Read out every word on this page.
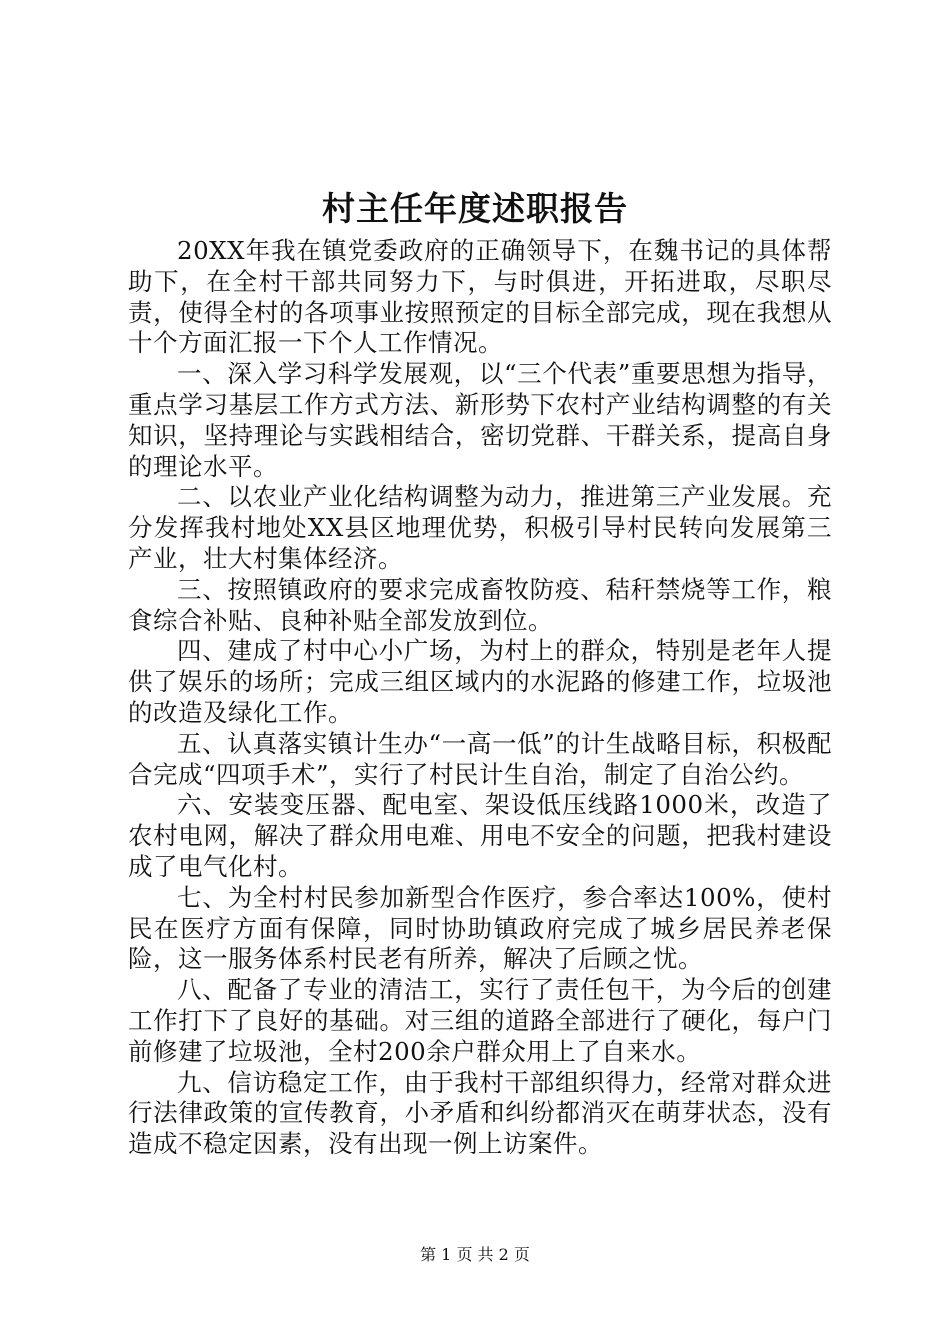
村主任年度述职报告

20XX年我在镇党委政府的正确领导下，在魏书记的具体帮助下，在全村干部共同努力下，与时俱进，开拓进取，尽职尽责，使得全村的各项事业按照预定的目标全部完成，现在我想从十个方面汇报一下个人工作情况。

一、深入学习科学发展观，以“三个代表”重要思想为指导，重点学习基层工作方式方法、新形势下农村产业结构调整的有关知识，坚持理论与实践相结合，密切党群、干群关系，提高自身的理论水平。

二、以农业产业化结构调整为动力，推进第三产业发展。充分发挥我村地处XX县区地理优势，积极引导村民转向发展第三产业，壮大村集体经济。

三、按照镇政府的要求完成畜牧防疫、秸秆禁烧等工作，粮食综合补贴、良种补贴全部发放到位。

四、建成了村中心小广场，为村上的群众，特别是老年人提供了娱乐的场所；完成三组区域内的水泥路的修建工作，垃圾池的改造及绿化工作。

五、认真落实镇计生办“一高一低”的计生战略目标，积极配合完成“四项手术”，实行了村民计生自治，制定了自治公约。

六、安装变压器、配电室、架设低压线路1000米，改造了农村电网，解决了群众用电难、用电不安全的问题，把我村建设成了电气化村。

七、为全村村民参加新型合作医疗，参合率达100%，使村民在医疗方面有保障，同时协助镇政府完成了城乡居民养老保险，这一服务体系村民老有所养，解决了后顾之忧。

八、配备了专业的清洁工，实行了责任包干，为今后的创建工作打下了良好的基础。对三组的道路全部进行了硬化，每户门前修建了垃圾池，全村200余户群众用上了自来水。

九、信访稳定工作，由于我村干部组织得力，经常对群众进行法律政策的宣传教育，小矛盾和纠纷都消灭在萌芽状态，没有造成不稳定因素，没有出现一例上访案件。

第 1 页 共 2 页
